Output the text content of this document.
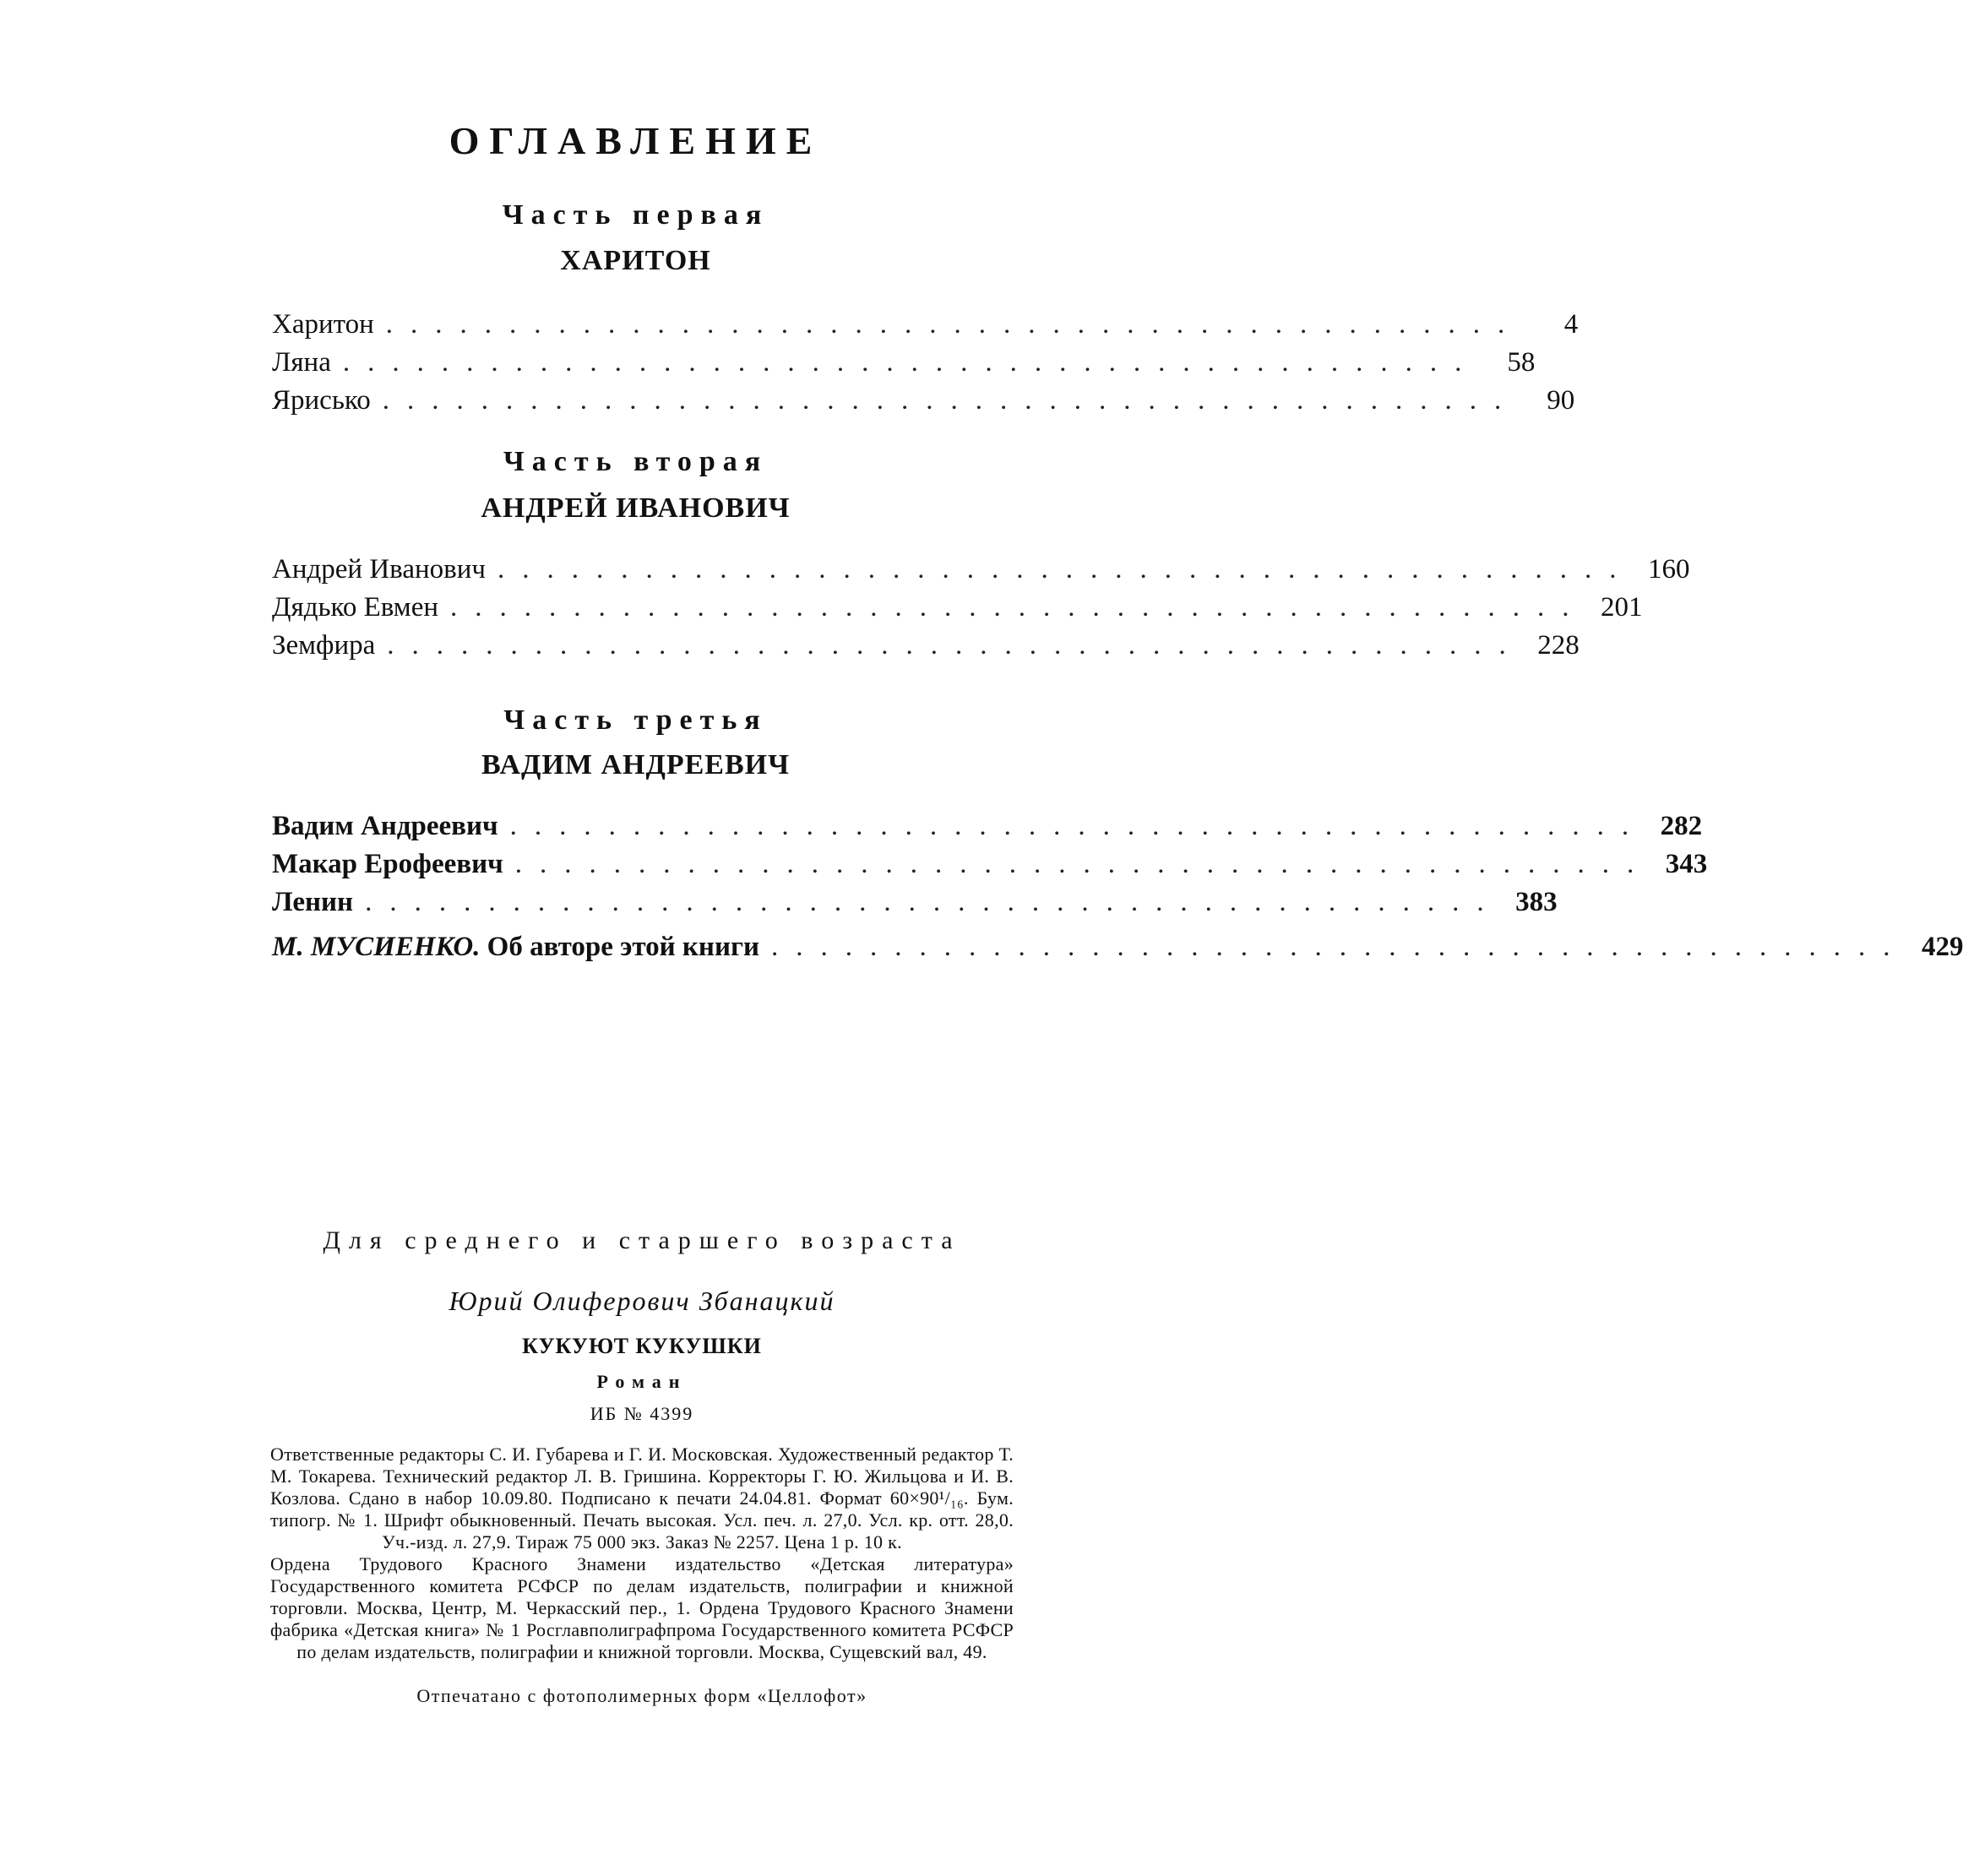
ОГЛАВЛЕНИЕ
Часть первая
ХАРИТОН
Харитон ..............................................	4
Ляна ..............................................	58
Ярисько ..............................................	90
Часть вторая
АНДРЕЙ ИВАНОВИЧ
Андрей Иванович .............................................. 160
Дядько Евмен .............................................. 201
Земфира .............................................. 228
Часть третья
ВАДИМ АНДРЕЕВИЧ
Вадим Андреевич .............................................. 282
Макар Ерофеевич .............................................. 343
Ленин .............................................. 383
М. МУСИЕНКО. Об авторе этой книги .............................................. 429
Для среднего и старшего возраста
Юрий Олиферович Збанацкий
КУКУЮТ КУКУШКИ
Роман
ИБ № 4399

Ответственные редакторы С. И. Губарева и Г. И. Московская. Художественный редактор Т. М. Токарева. Технический редактор Л. В. Гришина. Корректоры Г. Ю. Жильцова и И. В. Козлова. Сдано в набор 10.09.80. Подписано к печати 24.04.81. Формат 60×90¹/₁₆. Бум. типогр. № 1. Шрифт обыкновенный. Печать высокая. Усл. печ. л. 27,0. Усл. кр. отт. 28,0. Уч.-изд. л. 27,9. Тираж 75 000 экз. Заказ № 2257. Цена 1 р. 10 к.

Ордена Трудового Красного Знамени издательство «Детская литература» Государственного комитета РСФСР по делам издательств, полиграфии и книжной торговли. Москва, Центр, М. Черкасский пер., 1. Ордена Трудового Красного Знамени фабрика «Детская книга» № 1 Росглавполиграфпрома Государственного комитета РСФСР по делам издательств, полиграфии и книжной торговли. Москва, Сущевский вал, 49.

Отпечатано с фотополимерных форм «Целлофот»
